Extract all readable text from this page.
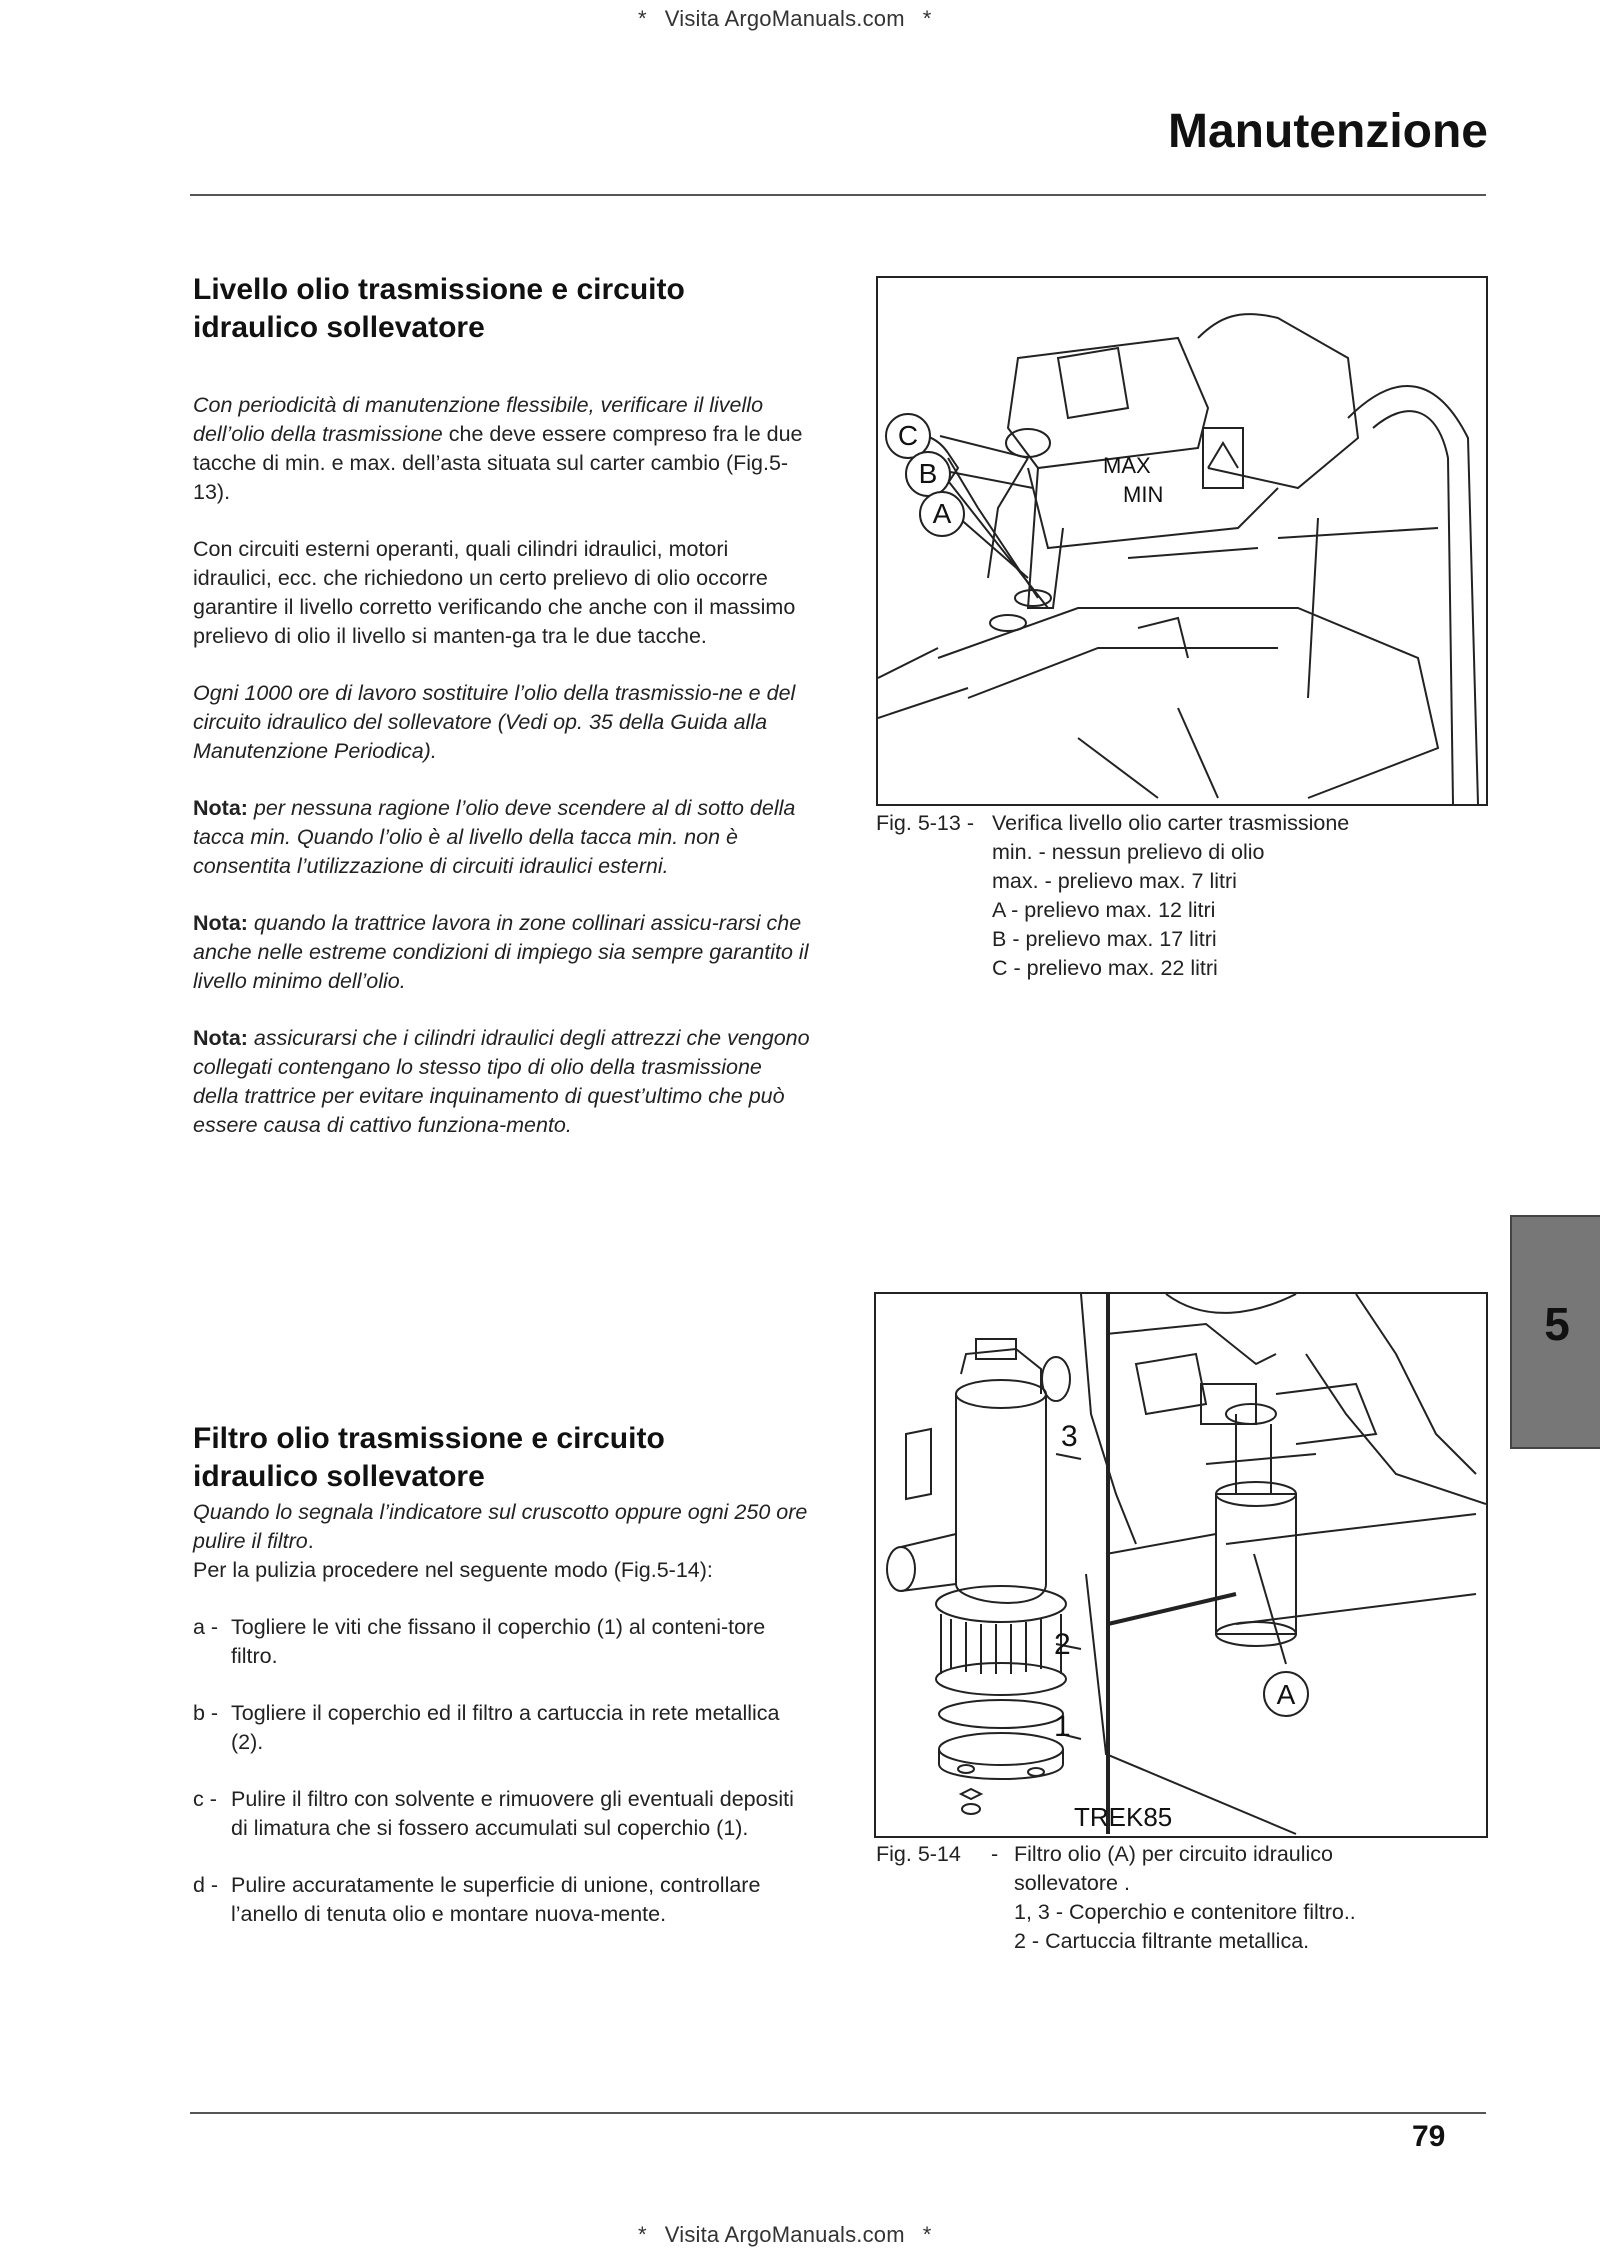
* Visita ArgoManuals.com *
Manutenzione
Livello olio trasmissione e circuito
idraulico sollevatore

Con periodicità di manutenzione flessibile, verificare il livello dell’olio della trasmissione che deve essere compreso fra le due tacche di min. e max. dell’asta situata sul carter cambio (Fig.5-13).

Con circuiti esterni operanti, quali cilindri idraulici, motori idraulici, ecc. che richiedono un certo prelievo di olio occorre garantire il livello corretto verificando che anche con il massimo prelievo di olio il livello si manten-ga tra le due tacche.

Ogni 1000 ore di lavoro sostituire l’olio della trasmissio-ne e del circuito idraulico del sollevatore (Vedi op. 35 della Guida alla Manutenzione Periodica).

Nota: per nessuna ragione l’olio deve scendere al di sotto della tacca min. Quando l’olio è al livello della tacca min. non è consentita l’utilizzazione di circuiti idraulici esterni.

Nota: quando la trattrice lavora in zone collinari assicu-rarsi che anche nelle estreme condizioni di impiego sia sempre garantito il livello minimo dell’olio.

Nota: assicurarsi che i cilindri idraulici degli attrezzi che vengono collegati contengano lo stesso tipo di olio della trasmissione della trattrice per evitare inquinamento di quest’ultimo che può essere causa di cattivo funziona-mento.

C
B
A
MAX
MIN
Fig. 5-13 - Verifica livello olio carter trasmissione
min. - nessun prelievo di olio
max. - prelievo max. 7 litri
A - prelievo max. 12 litri
B - prelievo max. 17 litri
C - prelievo max. 22 litri
5
3
2
1
A
TREK85
Fig. 5-14	- Filtro olio (A) per circuito idraulico
sollevatore .
1, 3 - Coperchio e contenitore filtro..
2 - Cartuccia filtrante metallica.
Filtro olio trasmissione e circuito
idraulico sollevatore
Quando lo segnala l’indicatore sul cruscotto oppure ogni 250 ore pulire il filtro.
Per la pulizia procedere nel seguente modo (Fig.5-14):
a - Togliere le viti che fissano il coperchio (1) al conteni-tore filtro.
b - Togliere il coperchio ed il filtro a cartuccia in rete metallica (2).
c - Pulire il filtro con solvente e rimuovere gli eventuali depositi di limatura che si fossero accumulati sul coperchio (1).
d - Pulire accuratamente le superficie di unione, controllare l’anello di tenuta olio e montare nuova-mente.
79
* Visita ArgoManuals.com *
